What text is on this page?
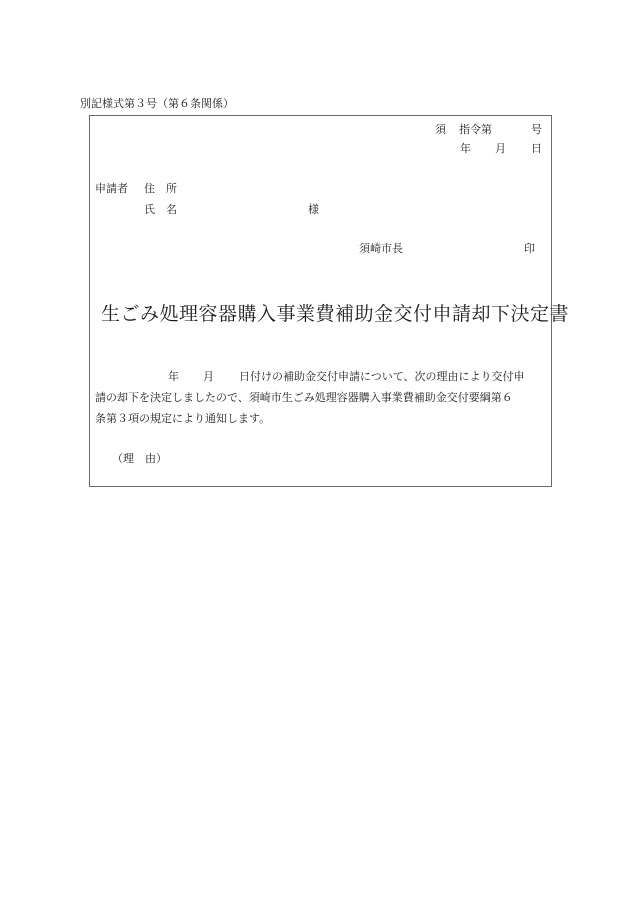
別記様式第３号（第６条関係）
須 指令第	号
年 月 日
申請者 住　所
氏　名	様
須崎市長	印
生ごみ処理容器購入事業費補助金交付申請却下決定書
年 月 日付けの補助金交付申請について、次の理由により交付申
請の却下を決定しましたので、須崎市生ごみ処理容器購入事業費補助金交付要綱第６
条第３項の規定により通知します。
（理　由）
